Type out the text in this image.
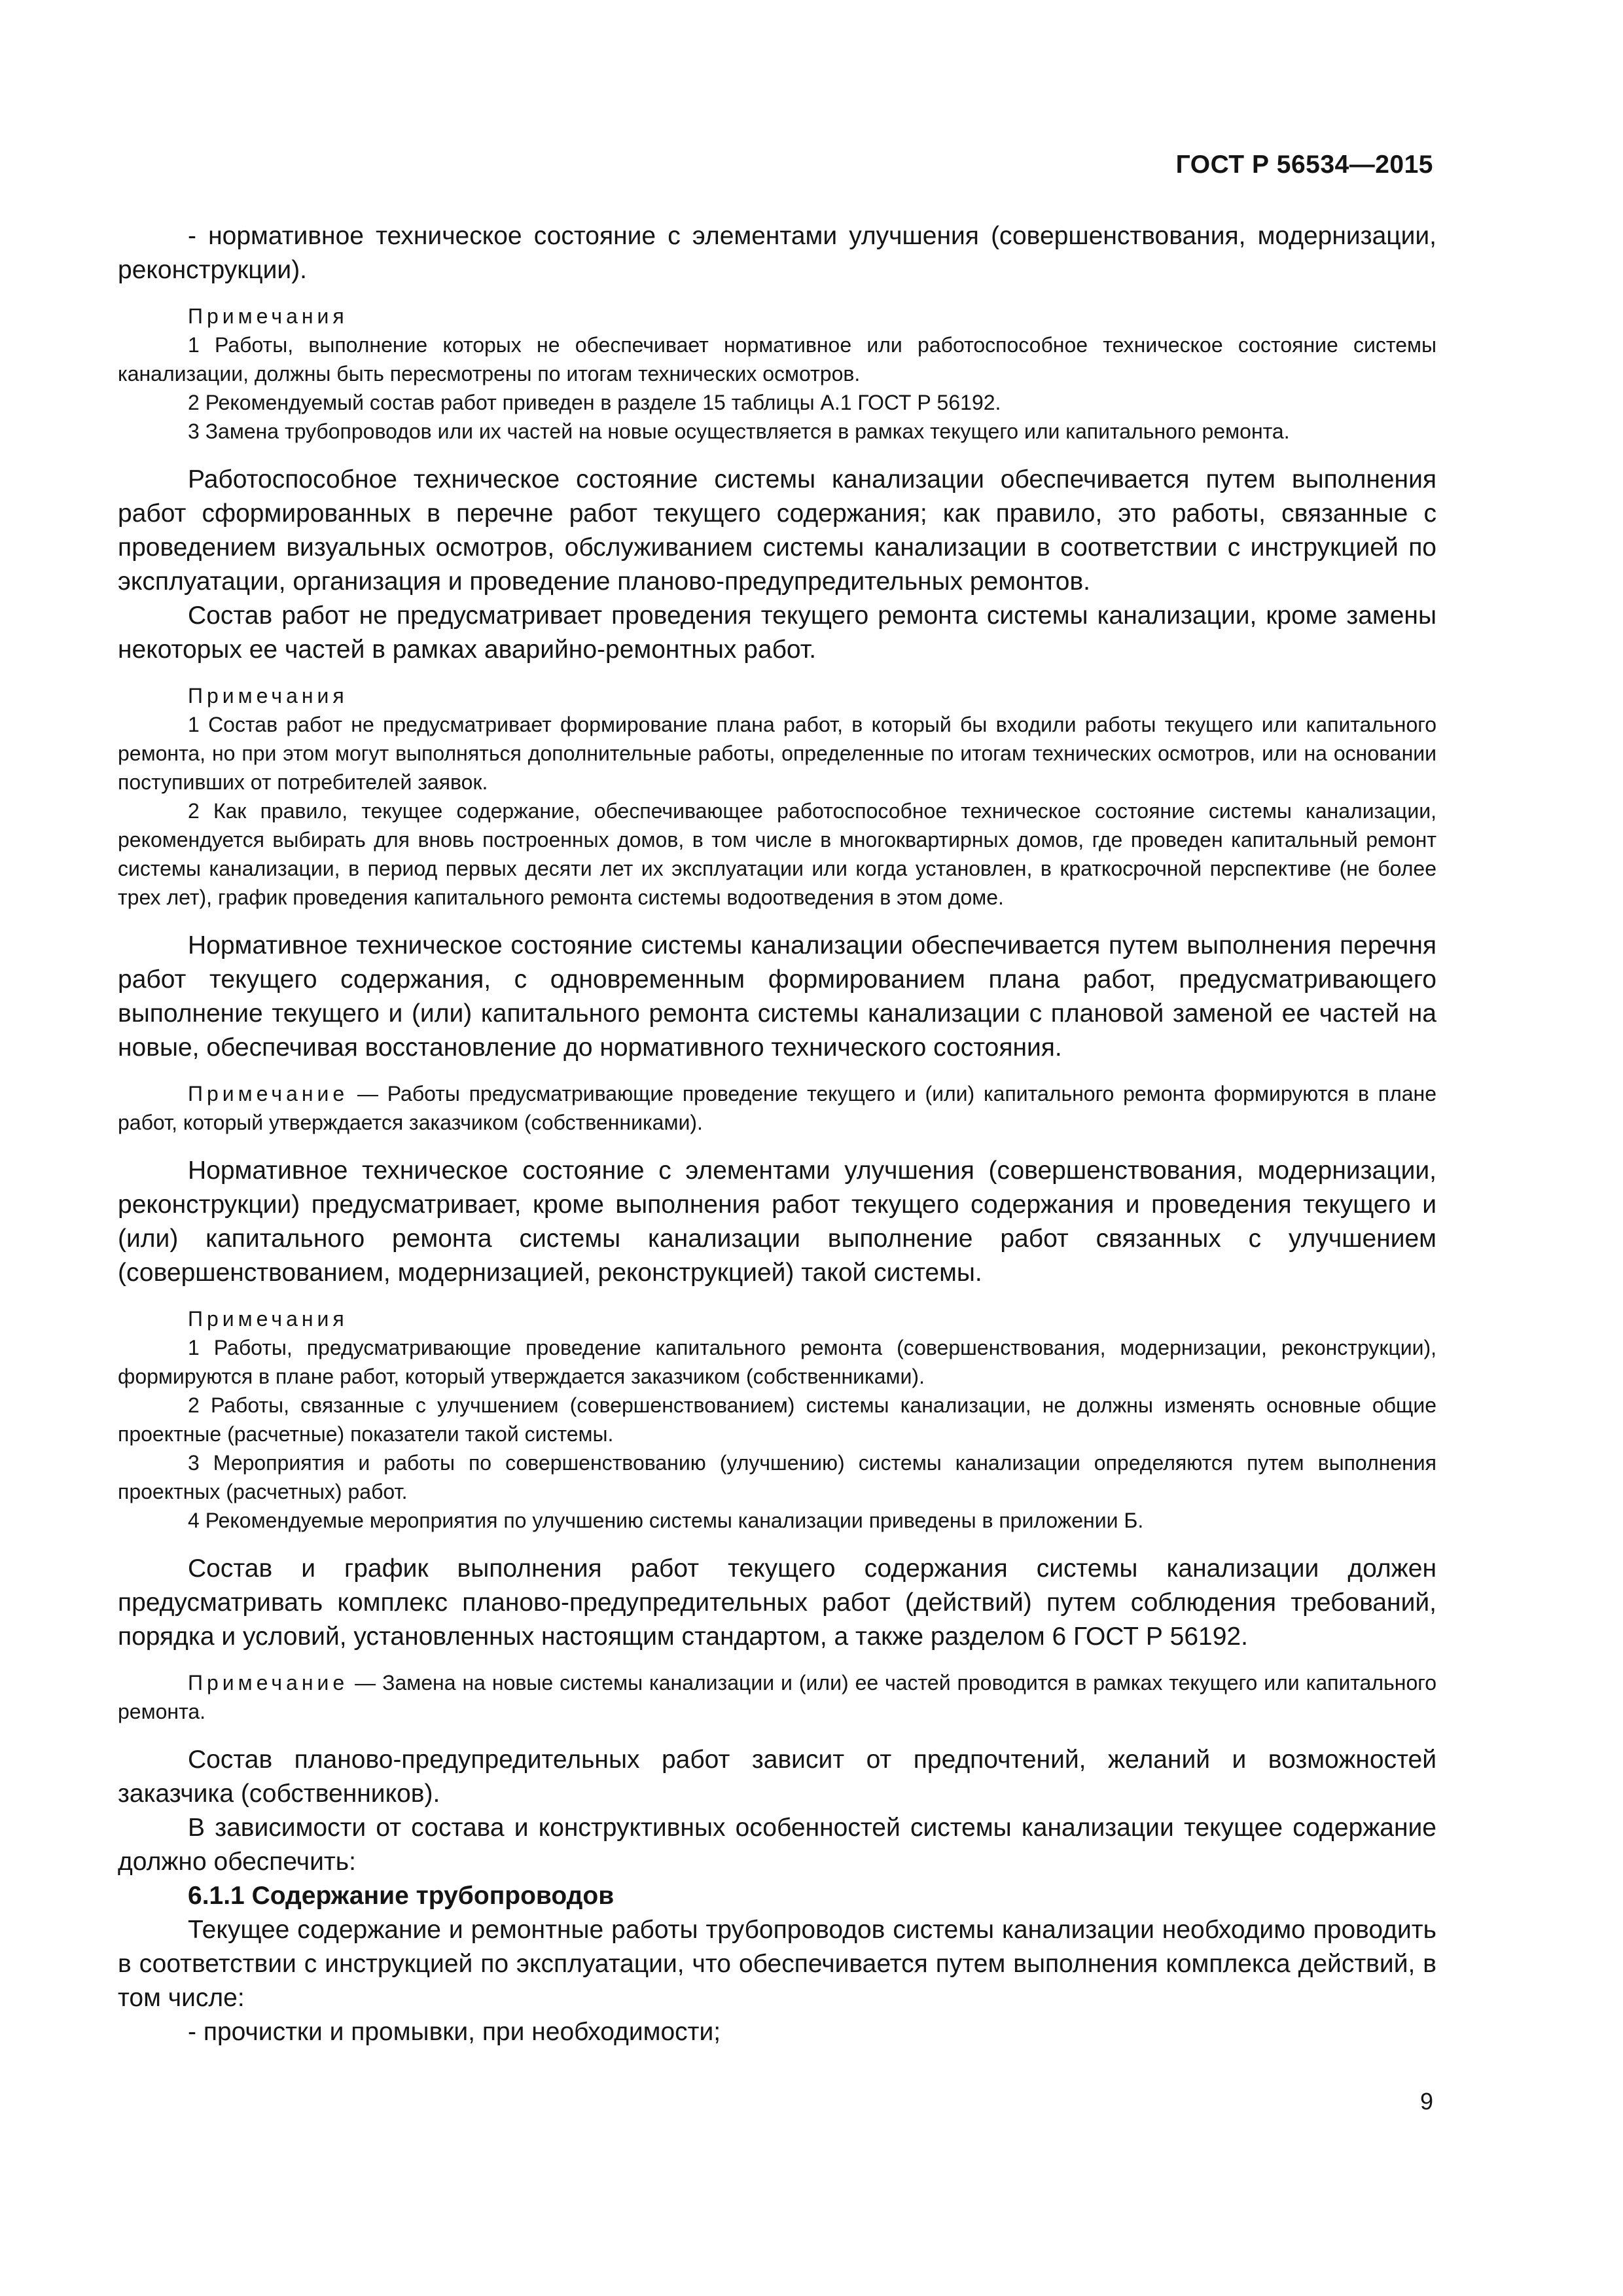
ГОСТ Р 56534—2015

- нормативное техническое состояние с элементами улучшения (совершенствования, модернизации, реконструкции).

Примечания

1 Работы, выполнение которых не обеспечивает нормативное или работоспособное техническое состояние системы канализации, должны быть пересмотрены по итогам технических осмотров.

2 Рекомендуемый состав работ приведен в разделе 15 таблицы А.1 ГОСТ Р 56192.

3 Замена трубопроводов или их частей на новые осуществляется в рамках текущего или капитального ремонта.

Работоспособное техническое состояние системы канализации обеспечивается путем выполнения работ сформированных в перечне работ текущего содержания; как правило, это работы, связанные с проведением визуальных осмотров, обслуживанием системы канализации в соответствии с инструкцией по эксплуатации, организация и проведение планово-предупредительных ремонтов.

Состав работ не предусматривает проведения текущего ремонта системы канализации, кроме замены некоторых ее частей в рамках аварийно-ремонтных работ.

Примечания

1 Состав работ не предусматривает формирование плана работ, в который бы входили работы текущего или капитального ремонта, но при этом могут выполняться дополнительные работы, определенные по итогам технических осмотров, или на основании поступивших от потребителей заявок.

2 Как правило, текущее содержание, обеспечивающее работоспособное техническое состояние системы канализации, рекомендуется выбирать для вновь построенных домов, в том числе в многоквартирных домов, где проведен капитальный ремонт системы канализации, в период первых десяти лет их эксплуатации или когда установлен, в краткосрочной перспективе (не более трех лет), график проведения капитального ремонта системы водоотведения в этом доме.

Нормативное техническое состояние системы канализации обеспечивается путем выполнения перечня работ текущего содержания, с одновременным формированием плана работ, предусматривающего выполнение текущего и (или) капитального ремонта системы канализации с плановой заменой ее частей на новые, обеспечивая восстановление до нормативного технического состояния.

Примечание — Работы предусматривающие проведение текущего и (или) капитального ремонта формируются в плане работ, который утверждается заказчиком (собственниками).

Нормативное техническое состояние с элементами улучшения (совершенствования, модернизации, реконструкции) предусматривает, кроме выполнения работ текущего содержания и проведения текущего и (или) капитального ремонта системы канализации выполнение работ связанных с улучшением (совершенствованием, модернизацией, реконструкцией) такой системы.

Примечания

1 Работы, предусматривающие проведение капитального ремонта (совершенствования, модернизации, реконструкции), формируются в плане работ, который утверждается заказчиком (собственниками).

2 Работы, связанные с улучшением (совершенствованием) системы канализации, не должны изменять основные общие проектные (расчетные) показатели такой системы.

3 Мероприятия и работы по совершенствованию (улучшению) системы канализации определяются путем выполнения проектных (расчетных) работ.

4 Рекомендуемые мероприятия по улучшению системы канализации приведены в приложении Б.

Состав и график выполнения работ текущего содержания системы канализации должен предусматривать комплекс планово-предупредительных работ (действий) путем соблюдения требований, порядка и условий, установленных настоящим стандартом, а также разделом 6 ГОСТ Р 56192.

Примечание — Замена на новые системы канализации и (или) ее частей проводится в рамках текущего или капитального ремонта.

Состав планово-предупредительных работ зависит от предпочтений, желаний и возможностей заказчика (собственников).

В зависимости от состава и конструктивных особенностей системы канализации текущее содержание должно обеспечить:

6.1.1 Содержание трубопроводов

Текущее содержание и ремонтные работы трубопроводов системы канализации необходимо проводить в соответствии с инструкцией по эксплуатации, что обеспечивается путем выполнения комплекса действий, в том числе:

- прочистки и промывки, при необходимости;

9
